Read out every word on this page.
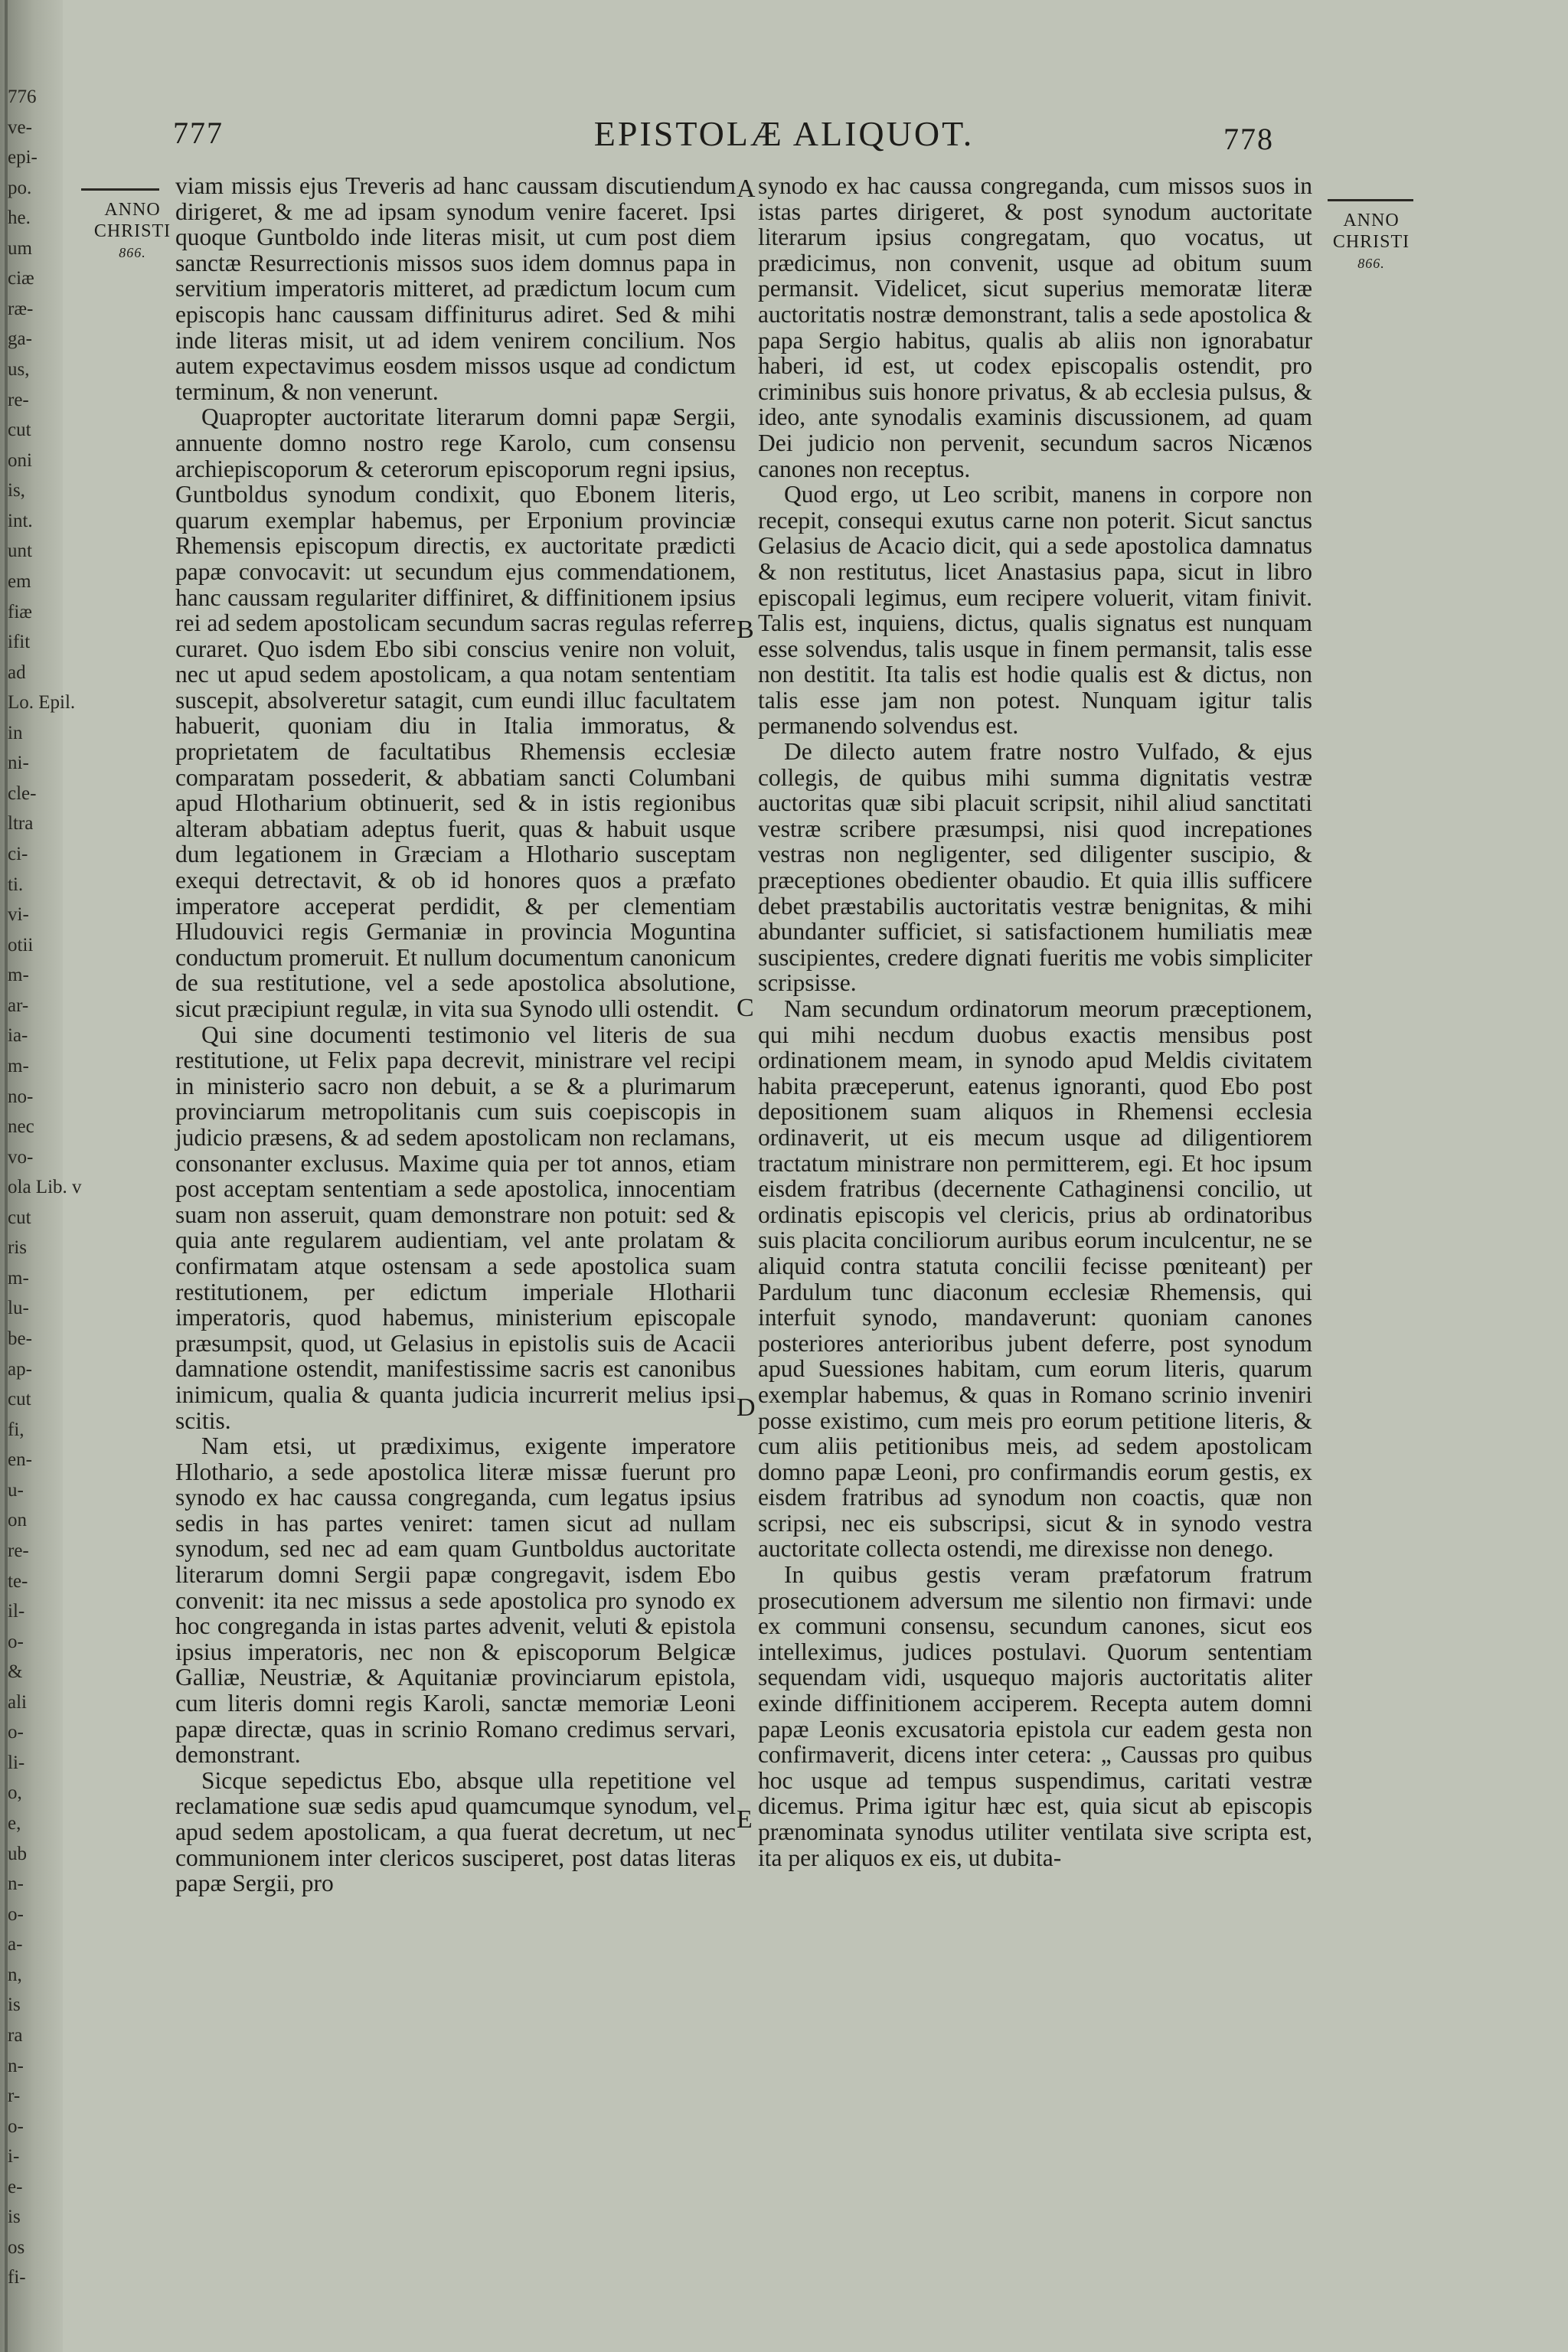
776
ve-
epi-
po.
he.
um
ciæ
ræ-
ga-
us,
re-
cut
oni
is,
int.
unt
em
fiæ
ifit
ad
Lo. Epil.
in
ni-
cle-
ltra
ci-
ti.
vi-
otii
m-
ar-
ia-
m-
no-
nec
vo-
ola Lib. v
cut
ris
m-
lu-
be-
ap-
cut
fi,
en-
u-
on
re-
te-
il-
o-
&
ali
o-
li-
o,
e,
ub
n-
o-
a-
n,
is
ra
n-
r-
o-
i-
e-
is
os
fi-
777	EPISTOLÆ ALIQUOT.	778
ANNO
CHRISTI
866.
ANNO
CHRISTI
866.
A
B
C
D
E

viam missis ejus Treveris ad hanc caussam discutiendum dirigeret, & me ad ipsam synodum venire faceret. Ipsi quoque Guntboldo inde literas misit, ut cum post diem sanctæ Resurrectionis missos suos idem domnus papa in servitium imperatoris mitteret, ad prædictum locum cum episcopis hanc caussam diffiniturus adiret. Sed & mihi inde literas misit, ut ad idem venirem concilium. Nos autem expectavimus eosdem missos usque ad condictum terminum, & non venerunt.

Quapropter auctoritate literarum domni papæ Sergii, annuente domno nostro rege Karolo, cum consensu archiepiscoporum & ceterorum episcoporum regni ipsius, Guntboldus synodum condixit, quo Ebonem literis, quarum exemplar habemus, per Erponium provinciæ Rhemensis episcopum directis, ex auctoritate prædicti papæ convocavit: ut secundum ejus commendationem, hanc caussam regulariter diffiniret, & diffinitionem ipsius rei ad sedem apostolicam secundum sacras regulas referre curaret. Quo isdem Ebo sibi conscius venire non voluit, nec ut apud sedem apostolicam, a qua notam sententiam suscepit, absolveretur satagit, cum eundi illuc facultatem habuerit, quoniam diu in Italia immoratus, & proprietatem de facultatibus Rhemensis ecclesiæ comparatam possederit, & abbatiam sancti Columbani apud Hlotharium obtinuerit, sed & in istis regionibus alteram abbatiam adeptus fuerit, quas & habuit usque dum legationem in Græciam a Hlothario susceptam exequi detrectavit, & ob id honores quos a præfato imperatore acceperat perdidit, & per clementiam Hludouvici regis Germaniæ in provincia Moguntina conductum promeruit. Et nullum documentum canonicum de sua restitutione, vel a sede apostolica absolutione, sicut præcipiunt regulæ, in vita sua Synodo ulli ostendit.

Qui sine documenti testimonio vel literis de sua restitutione, ut Felix papa decrevit, ministrare vel recipi in ministerio sacro non debuit, a se & a plurimarum provinciarum metropolitanis cum suis coepiscopis in judicio præsens, & ad sedem apostolicam non reclamans, consonanter exclusus. Maxime quia per tot annos, etiam post acceptam sententiam a sede apostolica, innocentiam suam non asseruit, quam demonstrare non potuit: sed & quia ante regularem audientiam, vel ante prolatam & confirmatam atque ostensam a sede apostolica suam restitutionem, per edictum imperiale Hlotharii imperatoris, quod habemus, ministerium episcopale præsumpsit, quod, ut Gelasius in epistolis suis de Acacii damnatione ostendit, manifestissime sacris est canonibus inimicum, qualia & quanta judicia incurrerit melius ipsi scitis.

Nam etsi, ut prædiximus, exigente imperatore Hlothario, a sede apostolica literæ missæ fuerunt pro synodo ex hac caussa congreganda, cum legatus ipsius sedis in has partes veniret: tamen sicut ad nullam synodum, sed nec ad eam quam Guntboldus auctoritate literarum domni Sergii papæ congregavit, isdem Ebo convenit: ita nec missus a sede apostolica pro synodo ex hoc congreganda in istas partes advenit, veluti & epistola ipsius imperatoris, nec non & episcoporum Belgicæ Galliæ, Neustriæ, & Aquitaniæ provinciarum epistola, cum literis domni regis Karoli, sanctæ memoriæ Leoni papæ directæ, quas in scrinio Romano credimus servari, demonstrant.

Sicque sepedictus Ebo, absque ulla repetitione vel reclamatione suæ sedis apud quamcumque synodum, vel apud sedem apostolicam, a qua fuerat decretum, ut nec communionem inter clericos susciperet, post datas literas papæ Sergii, pro

synodo ex hac caussa congreganda, cum missos suos in istas partes dirigeret, & post synodum auctoritate literarum ipsius congregatam, quo vocatus, ut prædicimus, non convenit, usque ad obitum suum permansit. Videlicet, sicut superius memoratæ literæ auctoritatis nostræ demonstrant, talis a sede apostolica & papa Sergio habitus, qualis ab aliis non ignorabatur haberi, id est, ut codex episcopalis ostendit, pro criminibus suis honore privatus, & ab ecclesia pulsus, & ideo, ante synodalis examinis discussionem, ad quam Dei judicio non pervenit, secundum sacros Nicænos canones non receptus.

Quod ergo, ut Leo scribit, manens in corpore non recepit, consequi exutus carne non poterit. Sicut sanctus Gelasius de Acacio dicit, qui a sede apostolica damnatus & non restitutus, licet Anastasius papa, sicut in libro episcopali legimus, eum recipere voluerit, vitam finivit. Talis est, inquiens, dictus, qualis signatus est nunquam esse solvendus, talis usque in finem permansit, talis esse non destitit. Ita talis est hodie qualis est & dictus, non talis esse jam non potest. Nunquam igitur talis permanendo solvendus est.

De dilecto autem fratre nostro Vulfado, & ejus collegis, de quibus mihi summa dignitatis vestræ auctoritas quæ sibi placuit scripsit, nihil aliud sanctitati vestræ scribere præsumpsi, nisi quod increpationes vestras non negligenter, sed diligenter suscipio, & præceptiones obedienter obaudio. Et quia illis sufficere debet præstabilis auctoritatis vestræ benignitas, & mihi abundanter sufficiet, si satisfactionem humiliatis meæ suscipientes, credere dignati fueritis me vobis simpliciter scripsisse.

Nam secundum ordinatorum meorum præceptionem, qui mihi necdum duobus exactis mensibus post ordinationem meam, in synodo apud Meldis civitatem habita præceperunt, eatenus ignoranti, quod Ebo post depositionem suam aliquos in Rhemensi ecclesia ordinaverit, ut eis mecum usque ad diligentiorem tractatum ministrare non permitterem, egi. Et hoc ipsum eisdem fratribus (decernente Cathaginensi concilio, ut ordinatis episcopis vel clericis, prius ab ordinatoribus suis placita conciliorum auribus eorum inculcentur, ne se aliquid contra statuta concilii fecisse pœniteant) per Pardulum tunc diaconum ecclesiæ Rhemensis, qui interfuit synodo, mandaverunt: quoniam canones posteriores anterioribus jubent deferre, post synodum apud Suessiones habitam, cum eorum literis, quarum exemplar habemus, & quas in Romano scrinio inveniri posse existimo, cum meis pro eorum petitione literis, & cum aliis petitionibus meis, ad sedem apostolicam domno papæ Leoni, pro confirmandis eorum gestis, ex eisdem fratribus ad synodum non coactis, quæ non scripsi, nec eis subscripsi, sicut & in synodo vestra auctoritate collecta ostendi, me direxisse non denego.

In quibus gestis veram præfatorum fratrum prosecutionem adversum me silentio non firmavi: unde ex communi consensu, secundum canones, sicut eos intelleximus, judices postulavi. Quorum sententiam sequendam vidi, usquequo majoris auctoritatis aliter exinde diffinitionem acciperem. Recepta autem domni papæ Leonis excusatoria epistola cur eadem gesta non confirmaverit, dicens inter cetera: „ Caussas pro quibus hoc usque ad tempus suspendimus, caritati vestræ dicemus. Prima igitur hæc est, quia sicut ab episcopis prænominata synodus utiliter ventilata sive scripta est, ita per aliquos ex eis, ut dubita-
